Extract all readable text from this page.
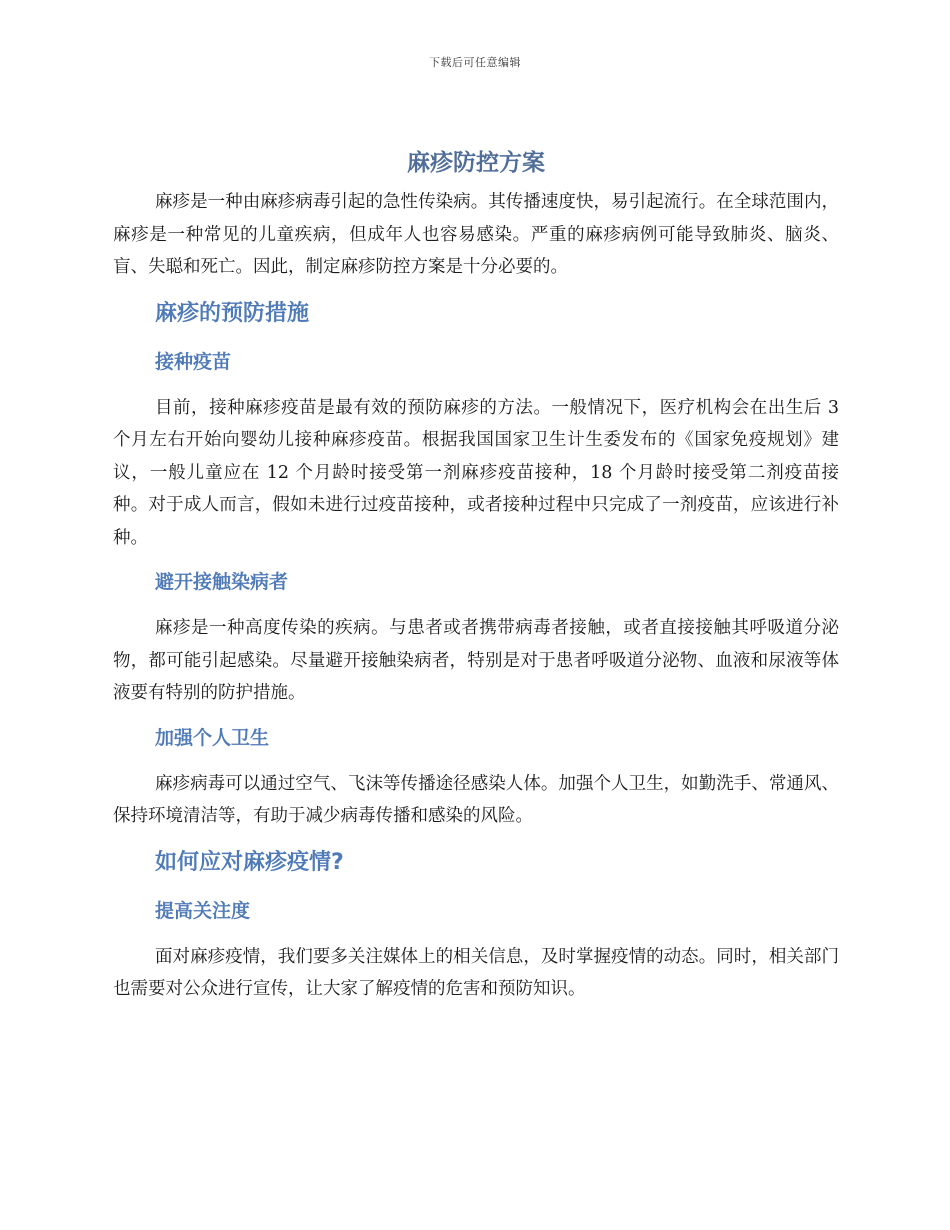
下载后可任意编辑
麻疹防控方案

麻疹是一种由麻疹病毒引起的急性传染病。其传播速度快，易引起流行。在全球范围内，麻疹是一种常见的儿童疾病，但成年人也容易感染。严重的麻疹病例可能导致肺炎、脑炎、盲、失聪和死亡。因此，制定麻疹防控方案是十分必要的。

麻疹的预防措施
接种疫苗

目前，接种麻疹疫苗是最有效的预防麻疹的方法。一般情况下，医疗机构会在出生后 3 个月左右开始向婴幼儿接种麻疹疫苗。根据我国国家卫生计生委发布的《国家免疫规划》建议，一般儿童应在 12 个月龄时接受第一剂麻疹疫苗接种，18 个月龄时接受第二剂疫苗接种。对于成人而言，假如未进行过疫苗接种，或者接种过程中只完成了一剂疫苗，应该进行补种。

避开接触染病者

麻疹是一种高度传染的疾病。与患者或者携带病毒者接触，或者直接接触其呼吸道分泌物，都可能引起感染。尽量避开接触染病者，特别是对于患者呼吸道分泌物、血液和尿液等体液要有特别的防护措施。

加强个人卫生

麻疹病毒可以通过空气、飞沫等传播途径感染人体。加强个人卫生，如勤洗手、常通风、保持环境清洁等，有助于减少病毒传播和感染的风险。

如何应对麻疹疫情?
提高关注度

面对麻疹疫情，我们要多关注媒体上的相关信息，及时掌握疫情的动态。同时，相关部门也需要对公众进行宣传，让大家了解疫情的危害和预防知识。
